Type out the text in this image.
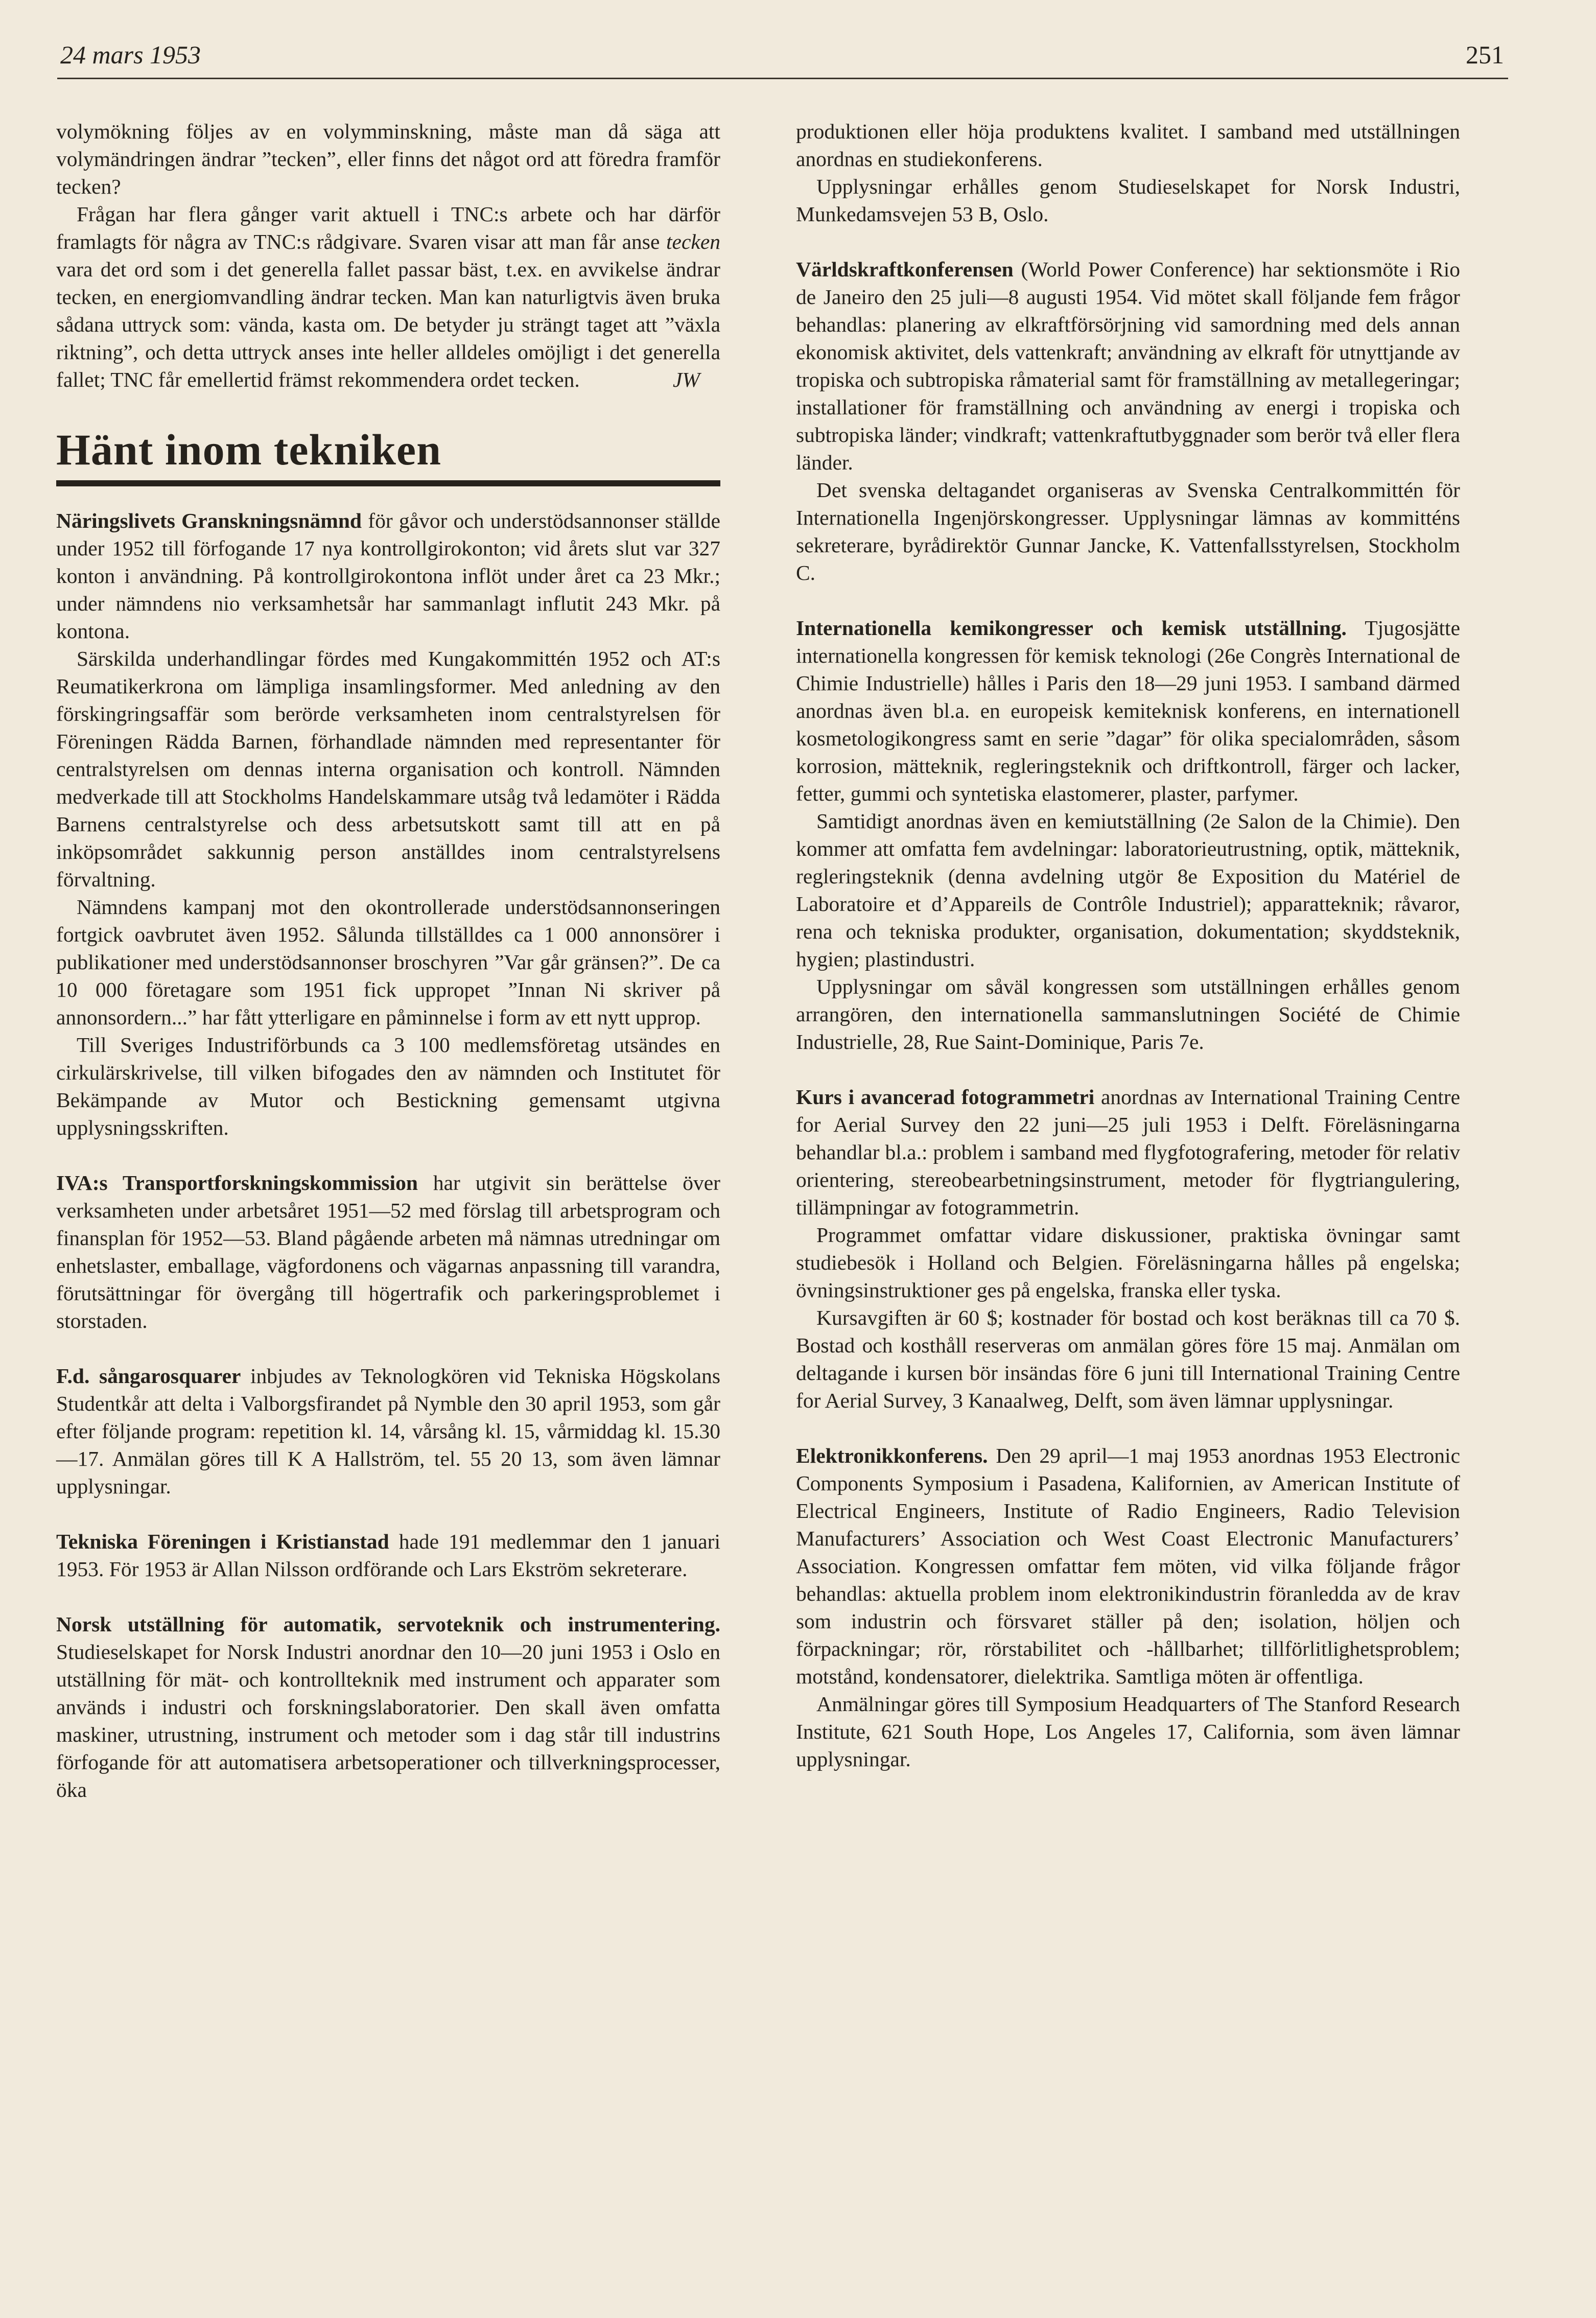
24 mars 1953	251

volymökning följes av en volymminskning, måste man då säga att volymändringen ändrar ”tecken”, eller finns det något ord att föredra framför tecken?

Frågan har flera gånger varit aktuell i TNC:s arbete och har därför framlagts för några av TNC:s rådgivare. Svaren visar att man får anse tecken vara det ord som i det generella fallet passar bäst, t.ex. en avvikelse ändrar tecken, en energiomvandling ändrar tecken. Man kan naturligtvis även bruka sådana uttryck som: vända, kasta om. De betyder ju strängt taget att ”växla riktning”, och detta uttryck anses inte heller alldeles omöjligt i det generella fallet; TNC får emellertid främst rekommendera ordet tecken.	JW

Hänt inom tekniken

Näringslivets Granskningsnämnd för gåvor och understödsannonser ställde under 1952 till förfogande 17 nya kontrollgirokonton; vid årets slut var 327 konton i användning. På kontrollgirokontona inflöt under året ca 23 Mkr.; under nämndens nio verksamhetsår har sammanlagt influtit 243 Mkr. på kontona.

Särskilda underhandlingar fördes med Kungakommittén 1952 och AT:s Reumatikerkrona om lämpliga insamlingsformer. Med anledning av den förskingringsaffär som berörde verksamheten inom centralstyrelsen för Föreningen Rädda Barnen, förhandlade nämnden med representanter för centralstyrelsen om dennas interna organisation och kontroll. Nämnden medverkade till att Stockholms Handelskammare utsåg två ledamöter i Rädda Barnens centralstyrelse och dess arbetsutskott samt till att en på inköpsområdet sakkunnig person anställdes inom centralstyrelsens förvaltning.

Nämndens kampanj mot den okontrollerade understödsannonseringen fortgick oavbrutet även 1952. Sålunda tillställdes ca 1 000 annonsörer i publikationer med understödsannonser broschyren ”Var går gränsen?”. De ca 10 000 företagare som 1951 fick uppropet ”Innan Ni skriver på annonsordern...” har fått ytterligare en påminnelse i form av ett nytt upprop.

Till Sveriges Industriförbunds ca 3 100 medlemsföretag utsändes en cirkulärskrivelse, till vilken bifogades den av nämnden och Institutet för Bekämpande av Mutor och Bestickning gemensamt utgivna upplysningsskriften.

IVA:s Transportforskningskommission har utgivit sin berättelse över verksamheten under arbetsåret 1951—52 med förslag till arbetsprogram och finansplan för 1952—53. Bland pågående arbeten må nämnas utredningar om enhetslaster, emballage, vägfordonens och vägarnas anpassning till varandra, förutsättningar för övergång till högertrafik och parkeringsproblemet i storstaden.

F.d. sångarosquarer inbjudes av Teknologkören vid Tekniska Högskolans Studentkår att delta i Valborgsfirandet på Nymble den 30 april 1953, som går efter följande program: repetition kl. 14, vårsång kl. 15, vårmiddag kl. 15.30—17. Anmälan göres till K A Hallström, tel. 55 20 13, som även lämnar upplysningar.

Tekniska Föreningen i Kristianstad hade 191 medlemmar den 1 januari 1953. För 1953 är Allan Nilsson ordförande och Lars Ekström sekreterare.

Norsk utställning för automatik, servoteknik och instrumentering. Studieselskapet for Norsk Industri anordnar den 10—20 juni 1953 i Oslo en utställning för mät- och kontrollteknik med instrument och apparater som används i industri och forskningslaboratorier. Den skall även omfatta maskiner, utrustning, instrument och metoder som i dag står till industrins förfogande för att automatisera arbetsoperationer och tillverkningsprocesser, öka

produktionen eller höja produktens kvalitet. I samband med utställningen anordnas en studiekonferens.

Upplysningar erhålles genom Studieselskapet for Norsk Industri, Munkedamsvejen 53 B, Oslo.

Världskraftkonferensen (World Power Conference) har sektionsmöte i Rio de Janeiro den 25 juli—8 augusti 1954. Vid mötet skall följande fem frågor behandlas: planering av elkraftförsörjning vid samordning med dels annan ekonomisk aktivitet, dels vattenkraft; användning av elkraft för utnyttjande av tropiska och subtropiska råmaterial samt för framställning av metallegeringar; installationer för framställning och användning av energi i tropiska och subtropiska länder; vindkraft; vattenkraftutbyggnader som berör två eller flera länder.

Det svenska deltagandet organiseras av Svenska Centralkommittén för Internationella Ingenjörskongresser. Upplysningar lämnas av kommitténs sekreterare, byrådirektör Gunnar Jancke, K. Vattenfallsstyrelsen, Stockholm C.

Internationella kemikongresser och kemisk utställning. Tjugosjätte internationella kongressen för kemisk teknologi (26e Congrès International de Chimie Industrielle) hålles i Paris den 18—29 juni 1953. I samband därmed anordnas även bl.a. en europeisk kemiteknisk konferens, en internationell kosmetologikongress samt en serie ”dagar” för olika specialområden, såsom korrosion, mätteknik, regleringsteknik och driftkontroll, färger och lacker, fetter, gummi och syntetiska elastomerer, plaster, parfymer.

Samtidigt anordnas även en kemiutställning (2e Salon de la Chimie). Den kommer att omfatta fem avdelningar: laboratorieutrustning, optik, mätteknik, regleringsteknik (denna avdelning utgör 8e Exposition du Matériel de Laboratoire et d’Appareils de Contrôle Industriel); apparatteknik; råvaror, rena och tekniska produkter, organisation, dokumentation; skyddsteknik, hygien; plastindustri.

Upplysningar om såväl kongressen som utställningen erhålles genom arrangören, den internationella sammanslutningen Société de Chimie Industrielle, 28, Rue Saint-Dominique, Paris 7e.

Kurs i avancerad fotogrammetri anordnas av International Training Centre for Aerial Survey den 22 juni—25 juli 1953 i Delft. Föreläsningarna behandlar bl.a.: problem i samband med flygfotografering, metoder för relativ orientering, stereobearbetningsinstrument, metoder för flygtriangulering, tillämpningar av fotogrammetrin.

Programmet omfattar vidare diskussioner, praktiska övningar samt studiebesök i Holland och Belgien. Föreläsningarna hålles på engelska; övningsinstruktioner ges på engelska, franska eller tyska.

Kursavgiften är 60 $; kostnader för bostad och kost beräknas till ca 70 $. Bostad och kosthåll reserveras om anmälan göres före 15 maj. Anmälan om deltagande i kursen bör insändas före 6 juni till International Training Centre for Aerial Survey, 3 Kanaalweg, Delft, som även lämnar upplysningar.

Elektronikkonferens. Den 29 april—1 maj 1953 anordnas 1953 Electronic Components Symposium i Pasadena, Kalifornien, av American Institute of Electrical Engineers, Institute of Radio Engineers, Radio Television Manufacturers’ Association och West Coast Electronic Manufacturers’ Association. Kongressen omfattar fem möten, vid vilka följande frågor behandlas: aktuella problem inom elektronikindustrin föranledda av de krav som industrin och försvaret ställer på den; isolation, höljen och förpackningar; rör, rörstabilitet och -hållbarhet; tillförlitlighetsproblem; motstånd, kondensatorer, dielektrika. Samtliga möten är offentliga.

Anmälningar göres till Symposium Headquarters of The Stanford Research Institute, 621 South Hope, Los Angeles 17, California, som även lämnar upplysningar.
